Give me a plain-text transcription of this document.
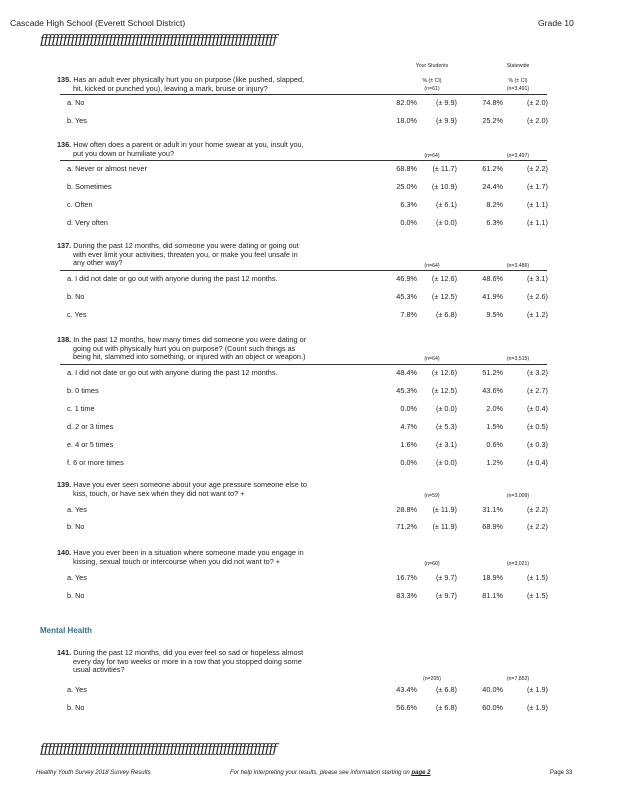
Cascade High School (Everett School District)	Grade 10
ƒƒƒƒƒƒƒƒƒƒƒƒƒƒƒƒƒƒƒƒƒƒƒƒƒƒƒƒƒƒƒƒƒƒƒƒƒƒƒƒƒƒƒƒƒƒƒƒƒƒƒƒƒƒƒƒƒƒƒƒƒƒ
Your Students	Statewide
135. Has an adult ever physically hurt you on purpose (like pushed, slapped,
hit, kicked or punched you), leaving a mark, bruise or injury?
% (± CI)	% (± CI)
(n=61)	(n=3,491)
a. No	82.0%	(± 9.9)	74.8%	(± 2.0)
b. Yes	18.0%	(± 9.9)	25.2%	(± 2.0)
136. How often does a parent or adult in your home swear at you, insult you,
put you down or humiliate you?	(n=64)	(n=3,497)
a. Never or almost never	68.8%	(± 11.7)	61.2%	(± 2.2)
b. Sometimes	25.0%	(± 10.9)	24.4%	(± 1.7)
c. Often	6.3%	(± 6.1)	8.2%	(± 1.1)
d. Very often	0.0%	(± 0.0)	6.3%	(± 1.1)
137. During the past 12 months, did someone you were dating or going out
with ever limit your activities, threaten you, or make you feel unsafe in
any other way?	(n=64)	(n=3,486)
a. I did not date or go out with anyone during the past 12 months.	46.9%	(± 12.6)	48.6%	(± 3.1)
b. No	45.3%	(± 12.5)	41.9%	(± 2.6)
c. Yes	7.8%	(± 6.8)	9.5%	(± 1.2)
138. In the past 12 months, how many times did someone you were dating or
going out with physically hurt you on purpose? (Count such things as
being hit, slammed into something, or injured with an object or weapon.)	(n=64)	(n=3,515)
a. I did not date or go out with anyone during the past 12 months.	48.4%	(± 12.6)	51.2%	(± 3.2)
b. 0 times	45.3%	(± 12.5)	43.6%	(± 2.7)
c. 1 time	0.0%	(± 0.0)	2.0%	(± 0.4)
d. 2 or 3 times	4.7%	(± 5.3)	1.5%	(± 0.5)
e. 4 or 5 times	1.6%	(± 3.1)	0.6%	(± 0.3)
f. 6 or more times	0.0%	(± 0.0)	1.2%	(± 0.4)
139. Have you ever seen someone about your age pressure someone else to
kiss, touch, or have sex when they did not want to? +	(n=59)	(n=3,009)
a. Yes	28.8%	(± 11.9)	31.1%	(± 2.2)
b. No	71.2%	(± 11.9)	68.9%	(± 2.2)
140. Have you ever been in a situation where someone made you engage in
kissing, sexual touch or intercourse when you did not want to? +	(n=60)	(n=3,021)
a. Yes	16.7%	(± 9.7)	18.9%	(± 1.5)
b. No	83.3%	(± 9.7)	81.1%	(± 1.5)
Mental Health
141. During the past 12 months, did you ever feel so sad or hopeless almost
every day for two weeks or more in a row that you stopped doing some
usual activities?
(n=205)	(n=7,852)
a. Yes	43.4%	(± 6.8)	40.0%	(± 1.9)
b. No	56.6%	(± 6.8)	60.0%	(± 1.9)
ƒƒƒƒƒƒƒƒƒƒƒƒƒƒƒƒƒƒƒƒƒƒƒƒƒƒƒƒƒƒƒƒƒƒƒƒƒƒƒƒƒƒƒƒƒƒƒƒƒƒƒƒƒƒƒƒƒƒƒƒƒƒ
Healthy Youth Survey 2018 Survey Results	For help interpreting your results, please see information starting on page 2	Page 33
